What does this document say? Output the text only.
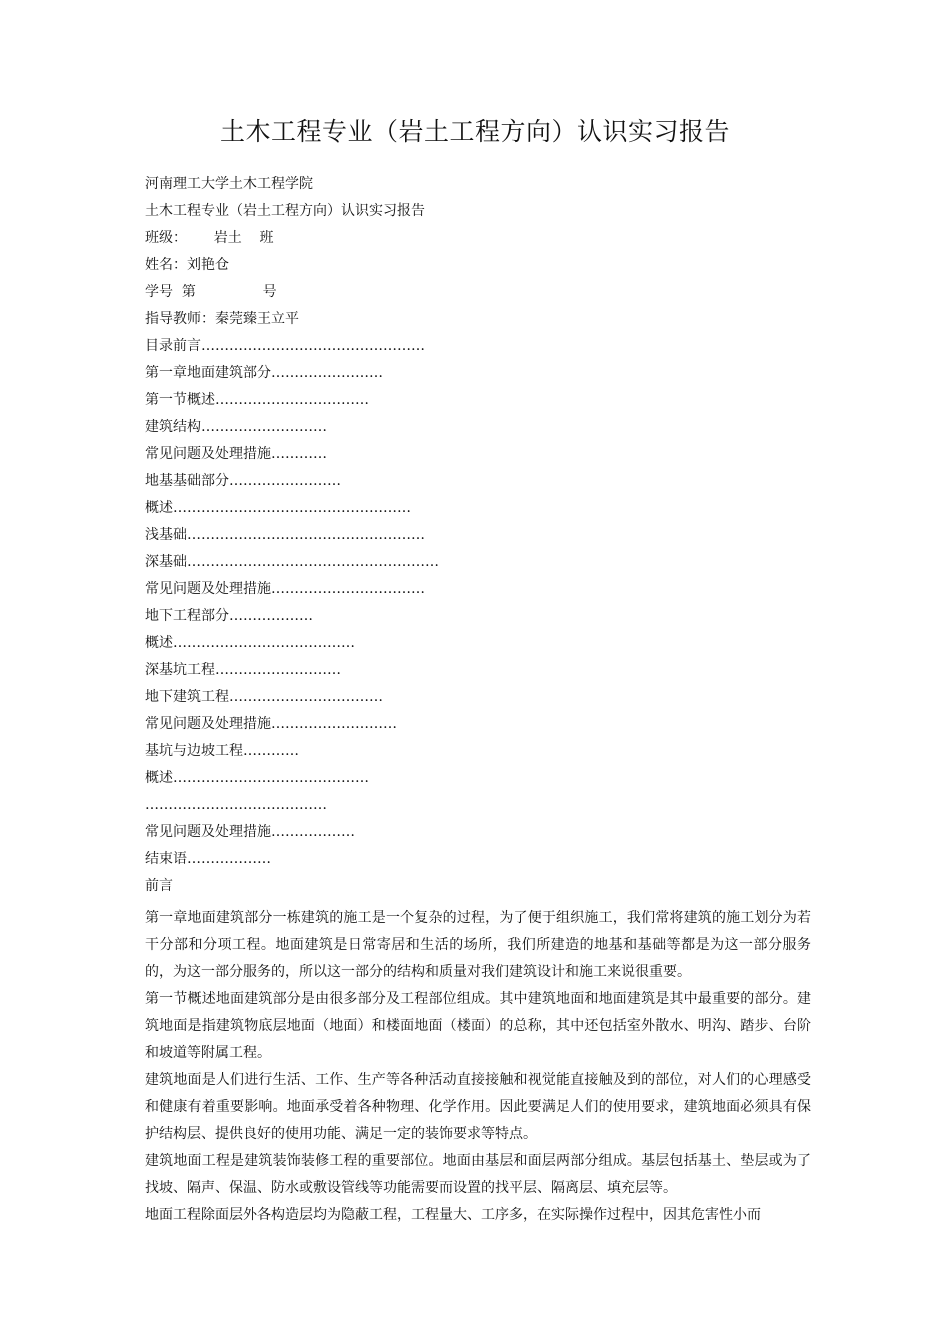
土木工程专业（岩土工程方向）认识实习报告
河南理工大学土木工程学院
土木工程专业（岩土工程方向）认识实习报告
班级：      岩土    班
姓名：刘艳仓
学号  第               号
指导教师：秦莞臻王立平
目录前言…………………………………………
第一章地面建筑部分……………………
第一节概述……………………………
建筑结构………………………
常见问题及处理措施…………
地基基础部分……………………
概述……………………………………………
浅基础……………………………………………
深基础………………………………………………
常见问题及处理措施……………………………
地下工程部分………………
概述…………………………………
深基坑工程………………………
地下建筑工程……………………………
常见问题及处理措施………………………
基坑与边坡工程…………
概述……………………………………
…………………………………
常见问题及处理措施………………
结束语………………
前言

第一章地面建筑部分一栋建筑的施工是一个复杂的过程，为了便于组织施工，我们常将建筑的施工划分为若干分部和分项工程。地面建筑是日常寄居和生活的场所，我们所建造的地基和基础等都是为这一部分服务的，为这一部分服务的，所以这一部分的结构和质量对我们建筑设计和施工来说很重要。

第一节概述地面建筑部分是由很多部分及工程部位组成。其中建筑地面和地面建筑是其中最重要的部分。建筑地面是指建筑物底层地面（地面）和楼面地面（楼面）的总称，其中还包括室外散水、明沟、踏步、台阶和坡道等附属工程。

建筑地面是人们进行生活、工作、生产等各种活动直接接触和视觉能直接触及到的部位，对人们的心理感受和健康有着重要影响。地面承受着各种物理、化学作用。因此要满足人们的使用要求，建筑地面必须具有保护结构层、提供良好的使用功能、满足一定的装饰要求等特点。

建筑地面工程是建筑装饰装修工程的重要部位。地面由基层和面层两部分组成。基层包括基土、垫层或为了找坡、隔声、保温、防水或敷设管线等功能需要而设置的找平层、隔离层、填充层等。

地面工程除面层外各构造层均为隐蔽工程，工程量大、工序多，在实际操作过程中，因其危害性小而
